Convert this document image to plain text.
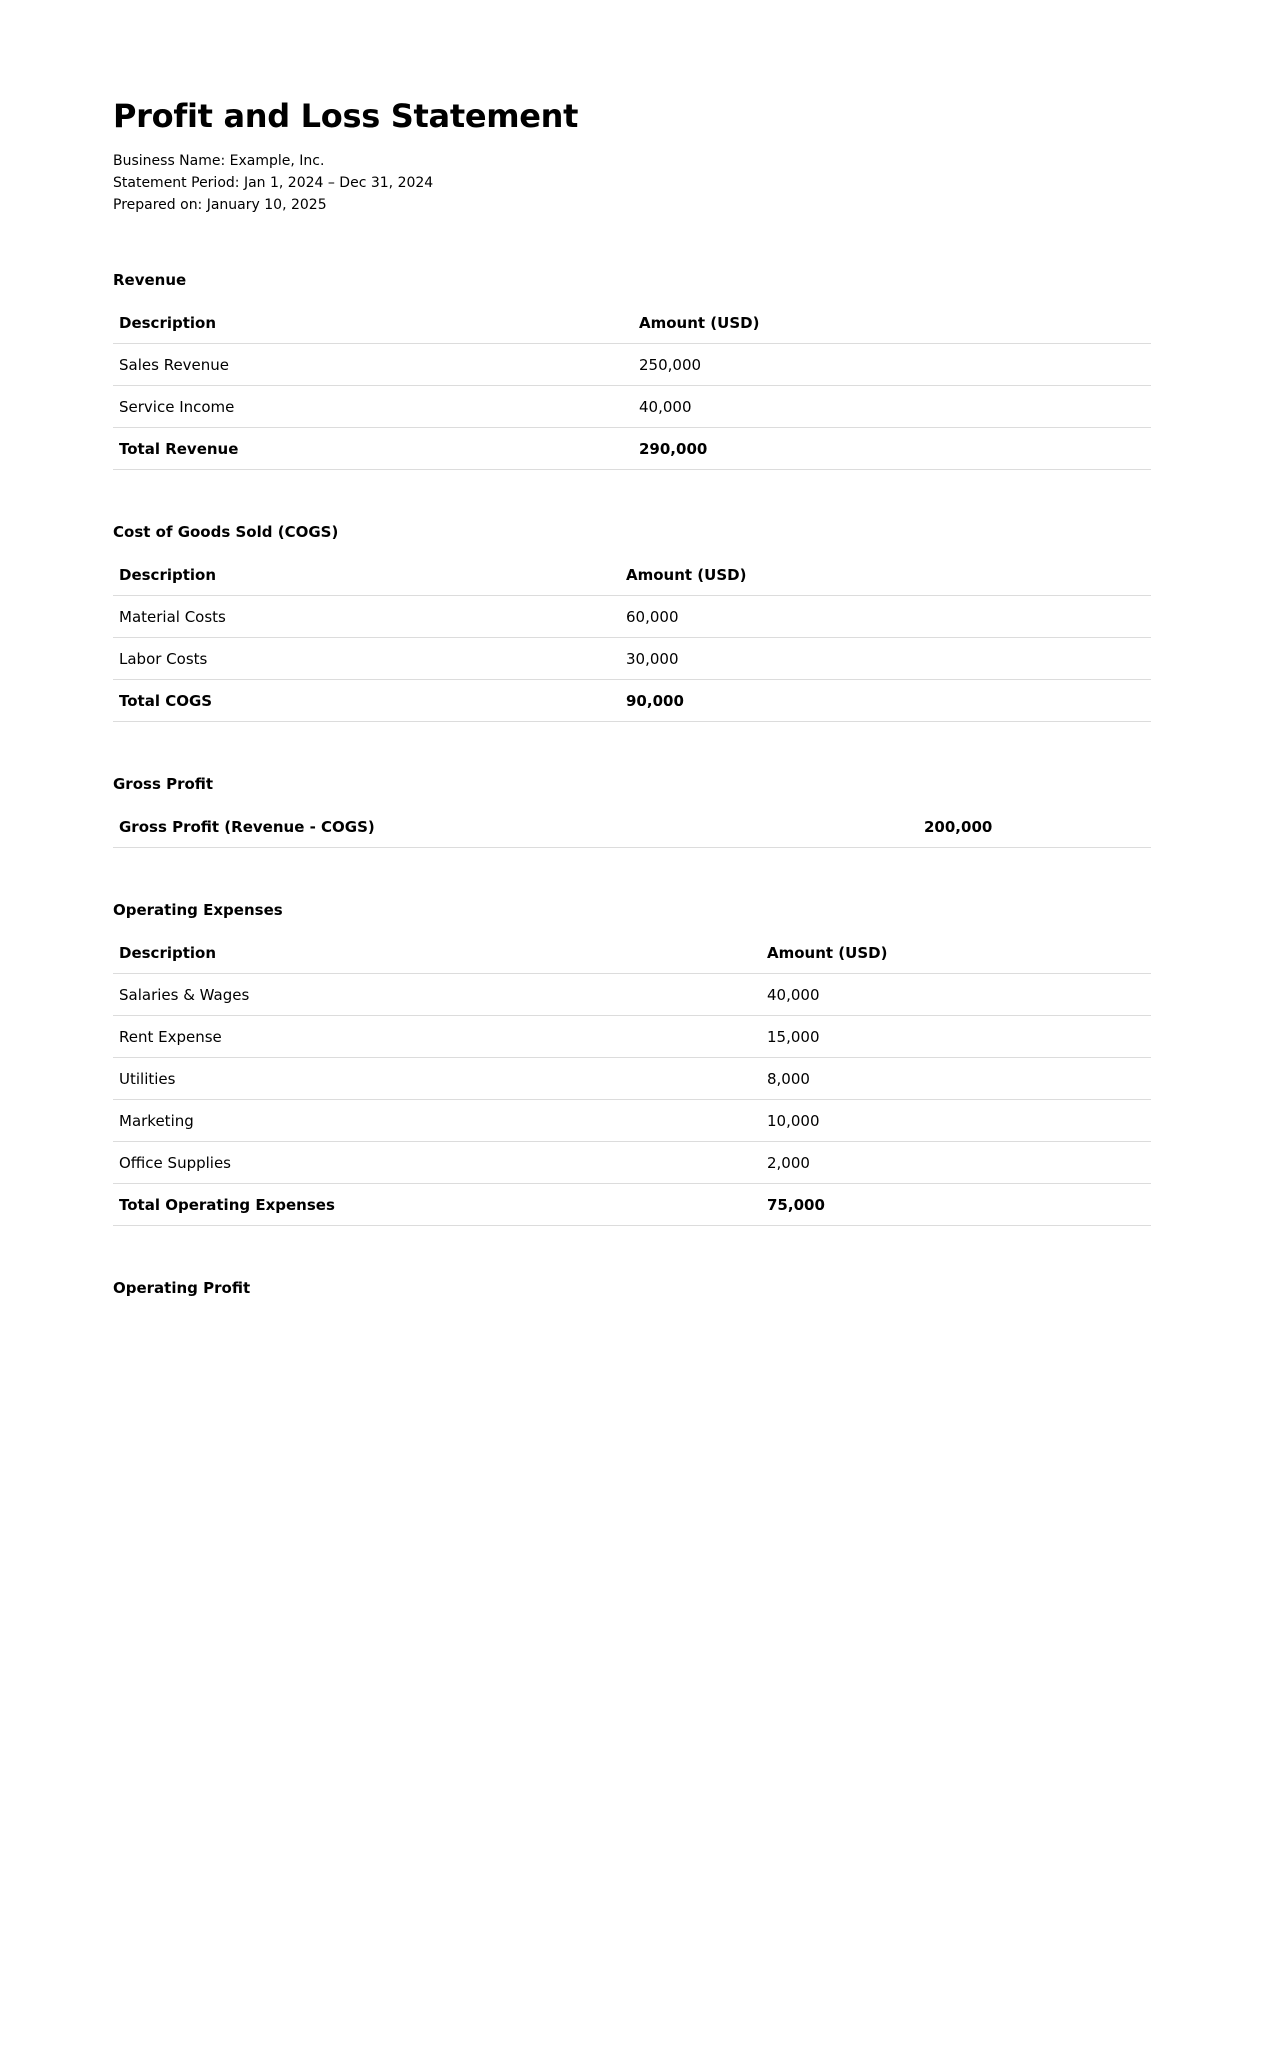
Profit and Loss Statement
Business Name: Example, Inc.
Statement Period: Jan 1, 2024 – Dec 31, 2024
Prepared on: January 10, 2025
Revenue
Description	Amount (USD)
Sales Revenue	250,000
Service Income	40,000
Total Revenue	290,000
Cost of Goods Sold (COGS)
Description	Amount (USD)
Material Costs	60,000
Labor Costs	30,000
Total COGS	90,000
Gross Profit
Gross Profit (Revenue - COGS)	200,000
Operating Expenses
Description	Amount (USD)
Salaries & Wages	40,000
Rent Expense	15,000
Utilities	8,000
Marketing	10,000
Office Supplies	2,000
Total Operating Expenses	75,000
Operating Profit
